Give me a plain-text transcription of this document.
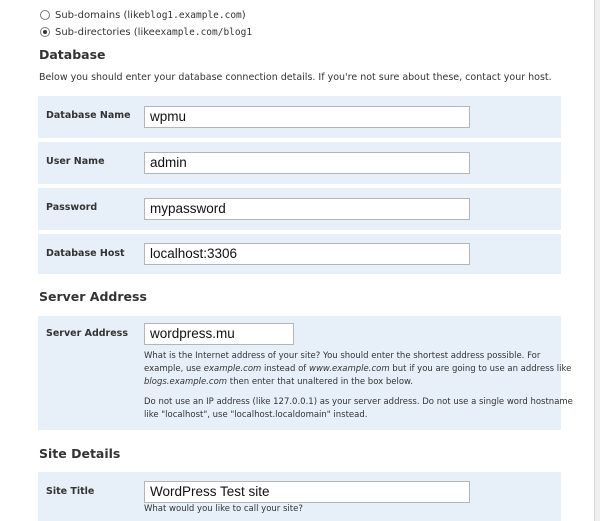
Sub-domains (like blog1.example.com )
Sub-directories (like example.com/blog1
Database
Below you should enter your database connection details. If you're not sure about these, contact your host.
Database Name	wpmu
User Name	admin
Password	mypassword
Database Host	localhost:3306
Server Address
Server Address	wordpress.mu
What is the Internet address of your site? You should enter the shortest address possible. For
example, use example.com instead of www.example.com but if you are going to use an address like
blogs.example.com then enter that unaltered in the box below.
Do not use an IP address (like 127.0.0.1) as your server address. Do not use a single word hostname
like "localhost", use "localhost.localdomain" instead.
Site Details
Site Title	WordPress Test site
What would you like to call your site?
